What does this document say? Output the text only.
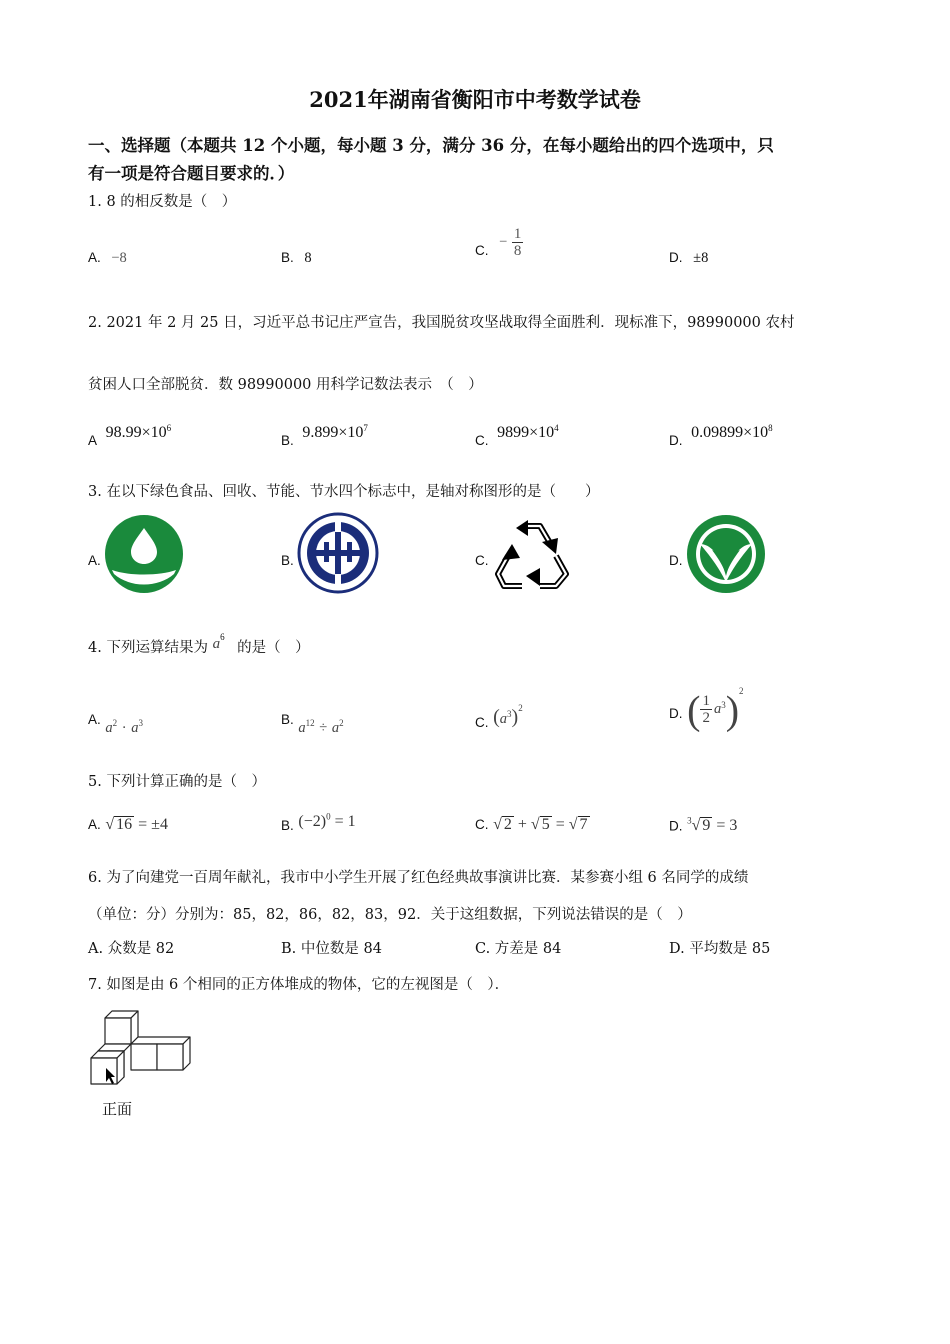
2021年湖南省衡阳市中考数学试卷
一、选择题（本题共 12 个小题，每小题 3 分，满分 36 分，在每小题给出的四个选项中，只
有一项是符合题目要求的．）
1. 8 的相反数是（　）
A. −8	B. 8	C. − $\frac{1}{8}$	D. ±8
2. 2021 年 2 月 25 日，习近平总书记庄严宣告，我国脱贫攻坚战取得全面胜利．现标准下，98990000 农村
贫困人口全部脱贫．数 98990000 用科学记数法表示　（　）
A $98.99\times 10^6$
B. $9.899\times 10^7$
C. $9899\times 10^4$
D. $0.09899\times 10^8$
3. 在以下绿色食品、回收、节能、节水四个标志中，是轴对称图形的是（　　）
A.	B.	C.	D.
4. 下列运算结果为 $a^6$ 的是（　）
A. $a^2 \cdot a^3$	B. $a^{12} \div a^2$	C. $(a^3)^2$	D. ( $\frac{1}{2} a^3)^2$
5. 下列计算正确的是（　）
A. √ 16 = ±4	B. $(-2)^0 = 1$	C. √ 2 + √ 5 = √ 7	D. $^3$√ 9 = 3
6. 为了向建党一百周年献礼，我市中小学生开展了红色经典故事演讲比赛．某参赛小组 6 名同学的成绩
（单位：分）分别为：85，82，86，82，83，92．关于这组数据，下列说法错误的是（　）
A. 众数是 82	B. 中位数是 84	C. 方差是 84	D. 平均数是 85
7. 如图是由 6 个相同的正方体堆成的物体，它的左视图是（　）．
正面
